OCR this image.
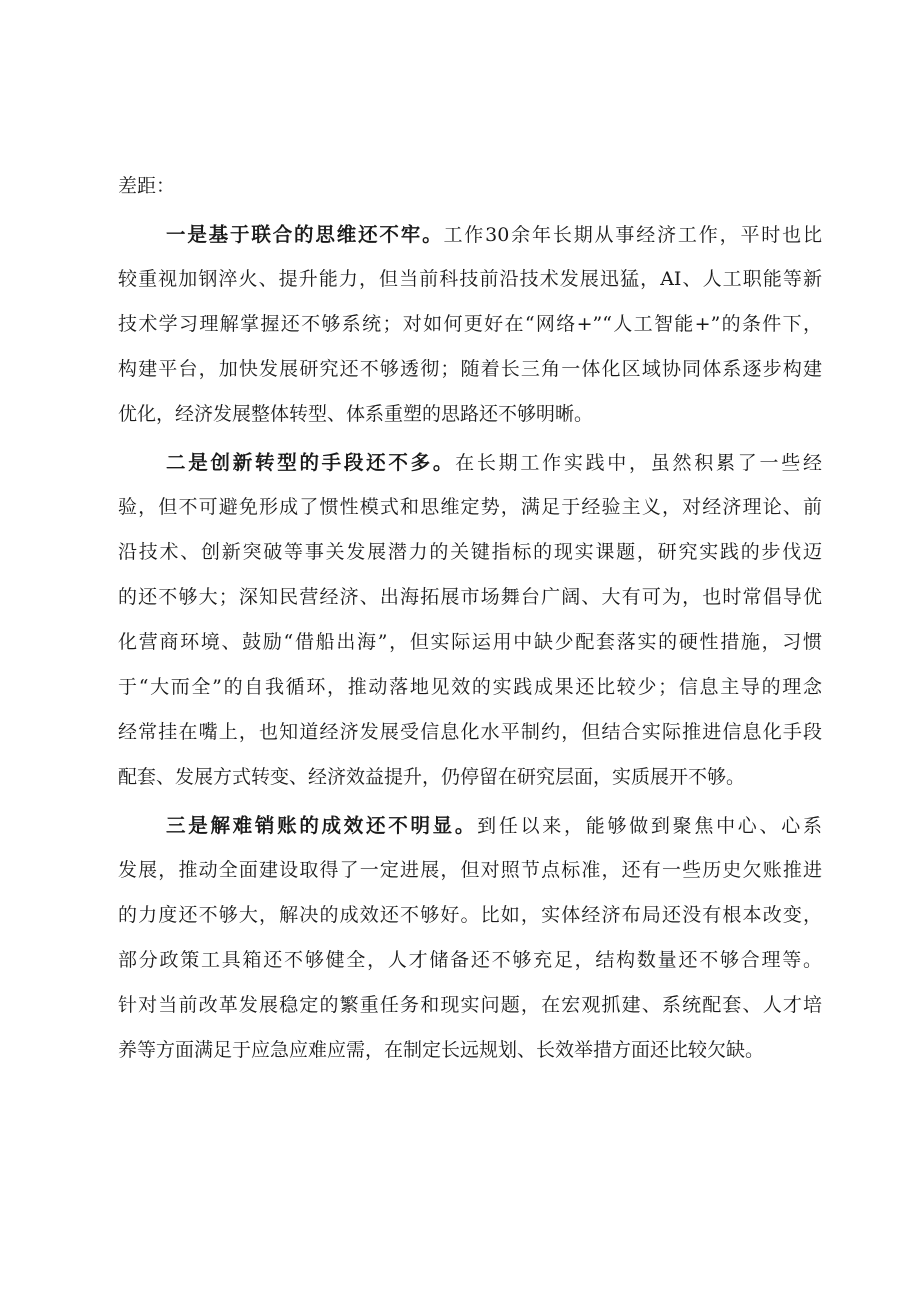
差距：
一是基于联合的思维还不牢。工作30余年长期从事经济工作，平时也比
较重视加钢淬火、提升能力，但当前科技前沿技术发展迅猛，AI、人工职能等新
技术学习理解掌握还不够系统；对如何更好在“网络+”“人工智能+”的条件下，
构建平台，加快发展研究还不够透彻；随着长三角一体化区域协同体系逐步构建
优化，经济发展整体转型、体系重塑的思路还不够明晰。
二是创新转型的手段还不多。在长期工作实践中，虽然积累了一些经
验，但不可避免形成了惯性模式和思维定势，满足于经验主义，对经济理论、前
沿技术、创新突破等事关发展潜力的关键指标的现实课题，研究实践的步伐迈
的还不够大；深知民营经济、出海拓展市场舞台广阔、大有可为，也时常倡导优
化营商环境、鼓励“借船出海”，但实际运用中缺少配套落实的硬性措施，习惯
于“大而全”的自我循环，推动落地见效的实践成果还比较少；信息主导的理念
经常挂在嘴上，也知道经济发展受信息化水平制约，但结合实际推进信息化手段
配套、发展方式转变、经济效益提升，仍停留在研究层面，实质展开不够。
三是解难销账的成效还不明显。到任以来，能够做到聚焦中心、心系
发展，推动全面建设取得了一定进展，但对照节点标准，还有一些历史欠账推进
的力度还不够大，解决的成效还不够好。比如，实体经济布局还没有根本改变，
部分政策工具箱还不够健全，人才储备还不够充足，结构数量还不够合理等。
针对当前改革发展稳定的繁重任务和现实问题，在宏观抓建、系统配套、人才培
养等方面满足于应急应难应需，在制定长远规划、长效举措方面还比较欠缺。
